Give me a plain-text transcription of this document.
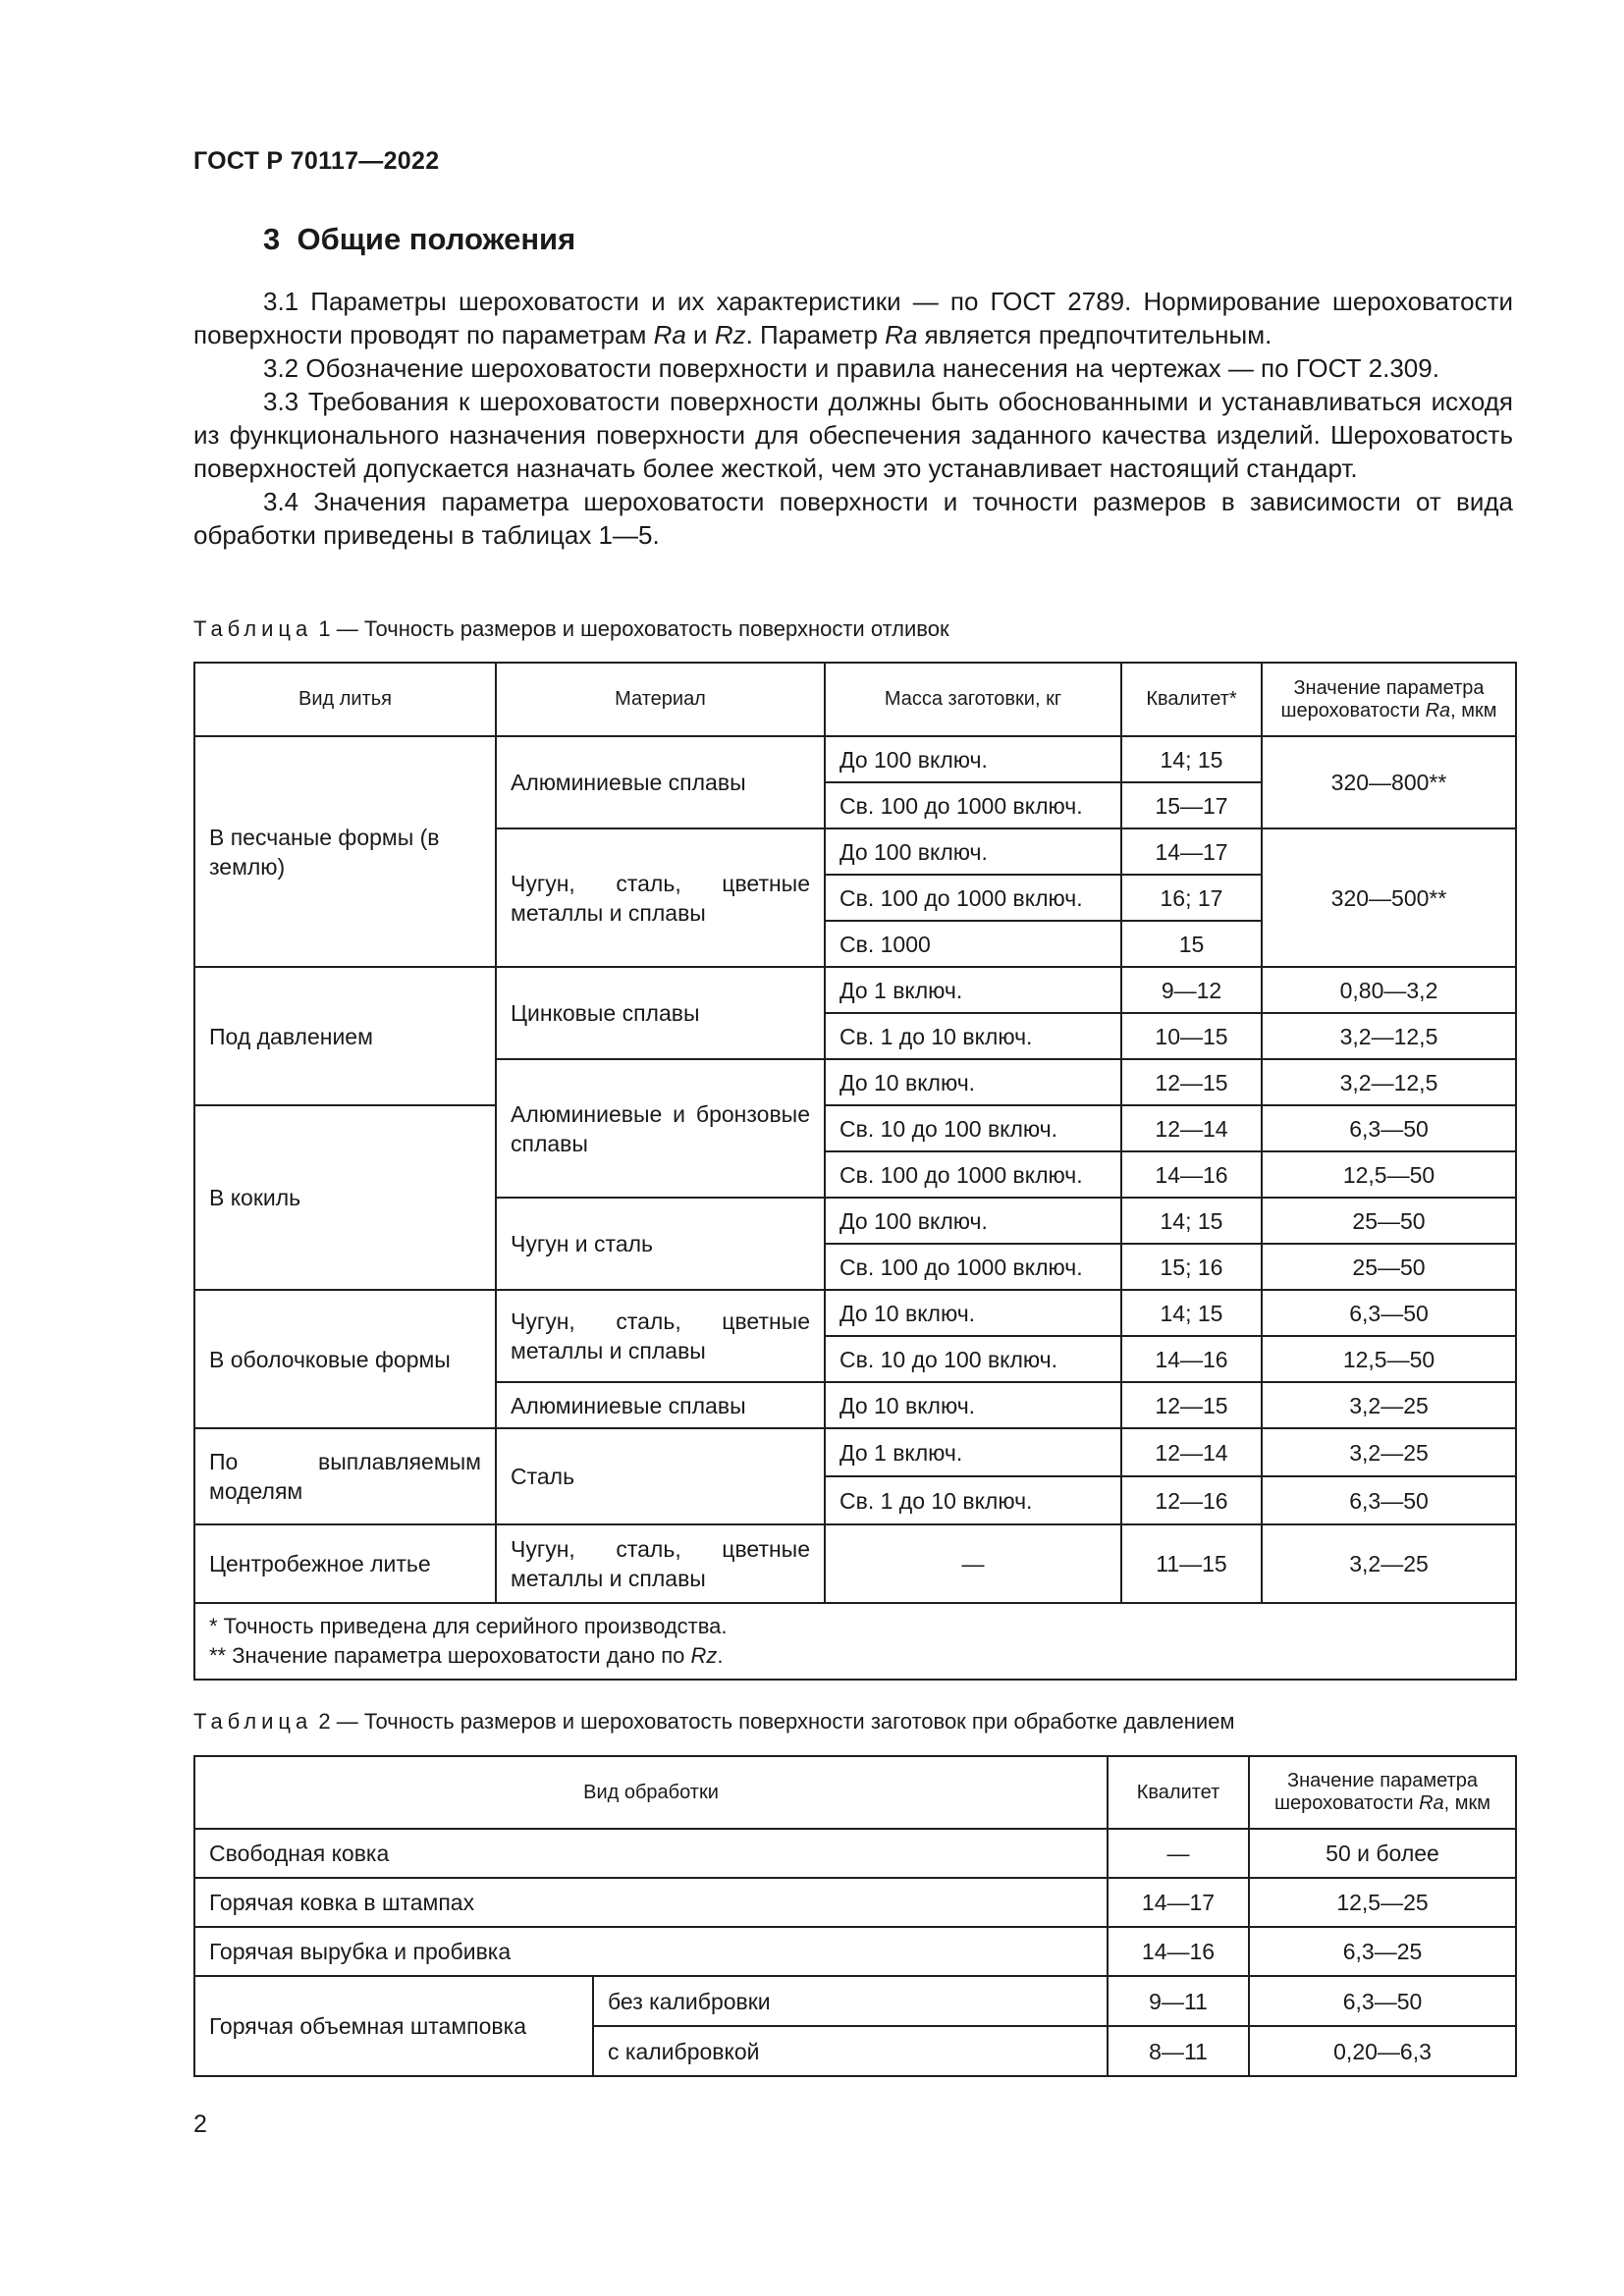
ГОСТ Р 70117—2022
3 Общие положения

3.1 Параметры шероховатости и их характеристики — по ГОСТ 2789. Нормирование шероховатости поверхности проводят по параметрам Ra и Rz. Параметр Ra является предпочтительным.

3.2 Обозначение шероховатости поверхности и правила нанесения на чертежах — по ГОСТ 2.309.

3.3 Требования к шероховатости поверхности должны быть обоснованными и устанавливаться исходя из функционального назначения поверхности для обеспечения заданного качества изделий. Шероховатость поверхностей допускается назначать более жесткой, чем это устанавливает настоящий стандарт.

3.4 Значения параметра шероховатости поверхности и точности размеров в зависимости от вида обработки приведены в таблицах 1—5.

Таблица 1 — Точность размеров и шероховатость поверхности отливок
Вид литья	Материал	Масса заготовки, кг	Квалитет*	Значение параметра
шероховатости Ra, мкм
В песчаные формы (в землю)	Алюминиевые сплавы	До 100 включ.	14; 15	320—800**
		Св. 100 до 1000 включ.	15—17	
	Чугун, сталь, цветные металлы и сплавы	До 100 включ.	14—17	320—500**
		Св. 100 до 1000 включ.	16; 17	
		Св. 1000	15	
Под давлением	Цинковые сплавы	До 1 включ.	9—12	0,80—3,2
		Св. 1 до 10 включ.	10—15	3,2—12,5
	Алюминиевые и бронзовые сплавы	До 10 включ.	12—15	3,2—12,5
В кокиль		Св. 10 до 100 включ.	12—14	6,3—50
		Св. 100 до 1000 включ.	14—16	12,5—50
	Чугун и сталь	До 100 включ.	14; 15	25—50
		Св. 100 до 1000 включ.	15; 16	25—50
В оболочковые формы	Чугун, сталь, цветные металлы и сплавы	До 10 включ.	14; 15	6,3—50
		Св. 10 до 100 включ.	14—16	12,5—50
	Алюминиевые сплавы	До 10 включ.	12—15	3,2—25
По выплавляемым моделям	Сталь	До 1 включ.	12—14	3,2—25
		Св. 1 до 10 включ.	12—16	6,3—50
Центробежное литье	Чугун, сталь, цветные металлы и сплавы	—	11—15	3,2—25

* Точность приведена для серийного производства.
** Значение параметра шероховатости дано по Rz.				
Таблица 2 — Точность размеров и шероховатость поверхности заготовок при обработке давлением
Вид обработки		Квалитет	Значение параметра
шероховатости Ra, мкм
Свободная ковка		—	50 и более
Горячая ковка в штампах		14—17	12,5—25
Горячая вырубка и пробивка		14—16	6,3—25
Горячая объемная штамповка	без калибровки	9—11	6,3—50
	с калибровкой	8—11	0,20—6,3
2
